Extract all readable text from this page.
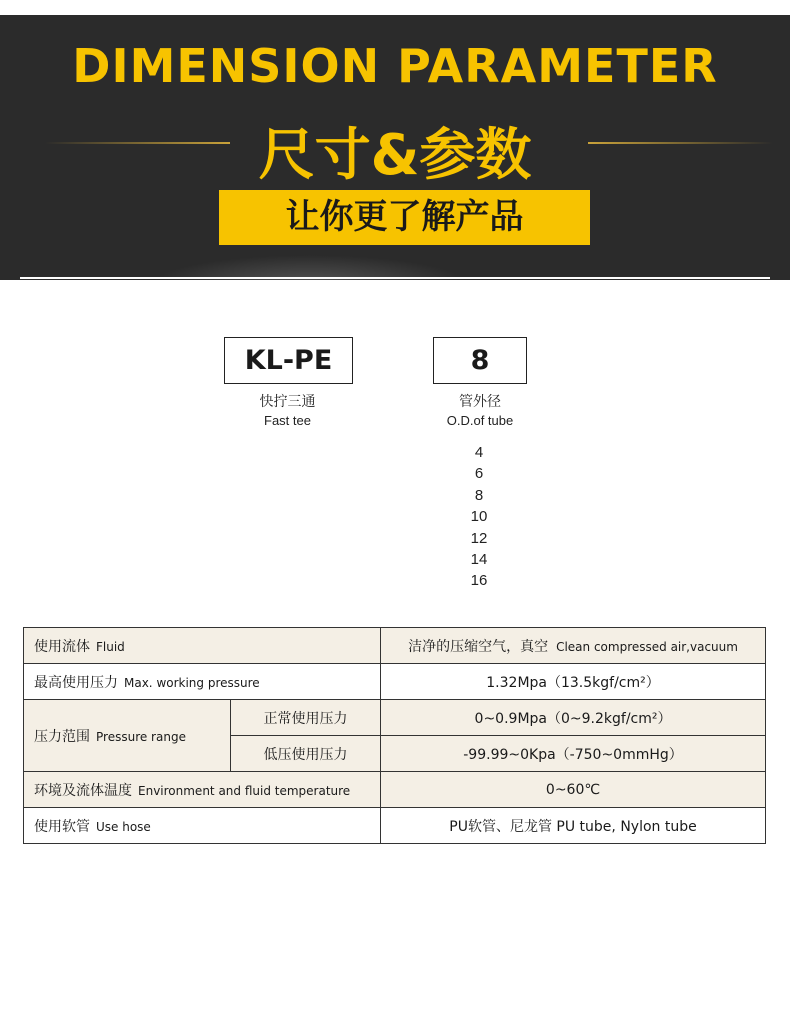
DIMENSION PARAMETER
尺寸&参数
让你更了解产品
KL-PE
快拧三通
Fast tee
8
管外径
O.D.of tube
4
6
8
10
12
14
16
使用流体 Fluid		洁净的压缩空气，真空 Clean compressed air,vacuum
最高使用压力 Max. working pressure		1.32Mpa（13.5kgf/cm²）
压力范围 Pressure range	正常使用压力	0~0.9Mpa（0~9.2kgf/cm²）
	低压使用压力	-99.99~0Kpa（-750~0mmHg）
环境及流体温度 Environment and fluid temperature		0~60℃
使用软管 Use hose		PU软管、尼龙管 PU tube, Nylon tube
